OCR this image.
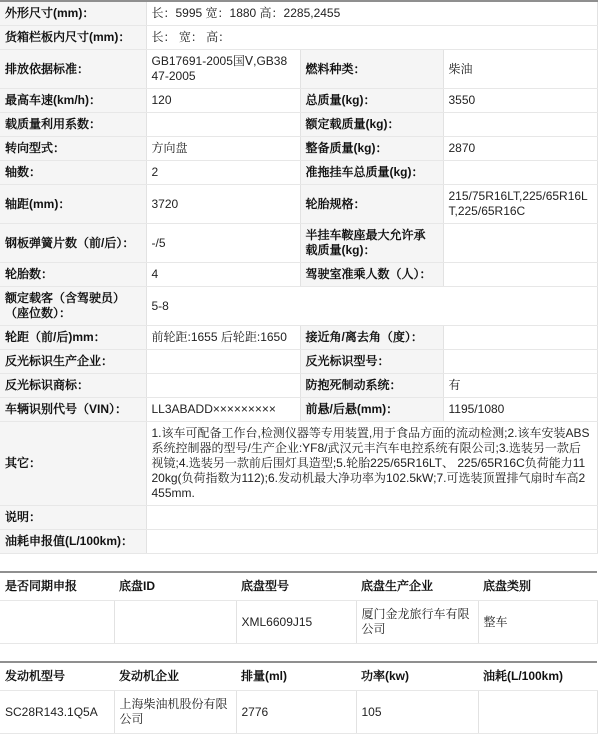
外形尺寸(mm)：	长：5995 宽：1880 高：2285,2455		
货箱栏板内尺寸(mm)：	长： 宽： 高：		
排放依据标准：	GB17691-2005国Ⅴ,GB3847-2005	燃料种类：	柴油
最高车速(km/h)：	120	总质量(kg)：	3550
载质量利用系数：		额定载质量(kg)：	
转向型式：	方向盘	整备质量(kg)：	2870
轴数：	2	准拖挂车总质量(kg)：	
轴距(mm)：	3720	轮胎规格：	215/75R16LT,225/65R16LT,225/65R16C
钢板弹簧片数（前/后）：	-/5	半挂车鞍座最大允许承载质量(kg)：	
轮胎数：	4	驾驶室准乘人数（人）：	
额定载客（含驾驶员）（座位数）：	5-8		
轮距（前/后)mm：	前轮距:1655 后轮距:1650	接近角/离去角（度）：	
反光标识生产企业：		反光标识型号：	
反光标识商标：		防抱死制动系统：	有
车辆识别代号（VIN）：	LL3ABADD×××××××××	前悬/后悬(mm)：	1195/1080
其它：	1.该车可配备工作台,检测仪器等专用装置,用于食品方面的流动检测;2.该车安装ABS系统控制器的型号/生产企业:YF8/武汉元丰汽车电控系统有限公司;3.选装另一款后视镜;4.选装另一款前后围灯具造型;5.轮胎225/65R16LT、 225/65R16C负荷能力1120kg(负荷指数为112);6.发动机最大净功率为102.5kW;7.可选装顶置排气扇时车高2455mm.		
说明：			
油耗申报值(L/100km)：			
是否同期申报	底盘ID	底盘型号	底盘生产企业	底盘类别
		XML6609J15	厦门金龙旅行车有限公司	整车
发动机型号	发动机企业	排量(ml)	功率(kw)	油耗(L/100km)
SC28R143.1Q5A	上海柴油机股份有限公司	2776	105	
